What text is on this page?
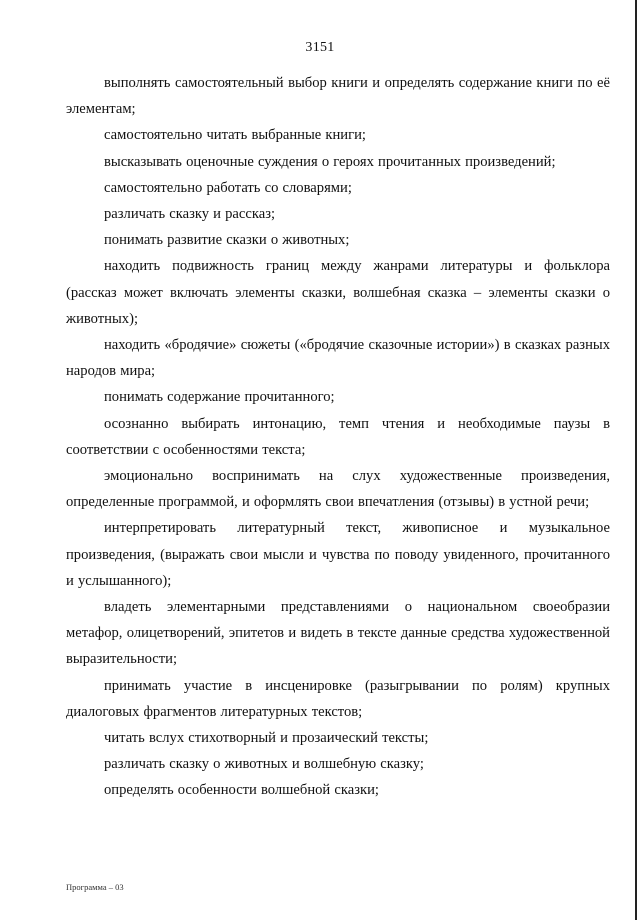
3151

выполнять самостоятельный выбор книги и определять содержание книги по её элементам;

самостоятельно читать выбранные книги;

высказывать оценочные суждения о героях прочитанных произведений;

самостоятельно работать со словарями;

различать сказку и рассказ;

понимать развитие сказки о животных;

находить подвижность границ между жанрами литературы и фольклора (рассказ может включать элементы сказки, волшебная сказка – элементы сказки о животных);

находить «бродячие» сюжеты («бродячие сказочные истории») в сказках разных народов мира;

понимать содержание прочитанного;

осознанно выбирать интонацию, темп чтения и необходимые паузы в соответствии с особенностями текста;

эмоционально воспринимать на слух художественные произведения, определенные программой, и оформлять свои впечатления (отзывы) в устной речи;

интерпретировать литературный текст, живописное и музыкальное произведения, (выражать свои мысли и чувства по поводу увиденного, прочитанного и услышанного);

владеть элементарными представлениями о национальном своеобразии метафор, олицетворений, эпитетов и видеть в тексте данные средства художественной выразительности;

принимать участие в инсценировке (разыгрывании по ролям) крупных диалоговых фрагментов литературных текстов;

читать вслух стихотворный и прозаический тексты;

различать сказку о животных и волшебную сказку;

определять особенности волшебной сказки;

Программа – 03
